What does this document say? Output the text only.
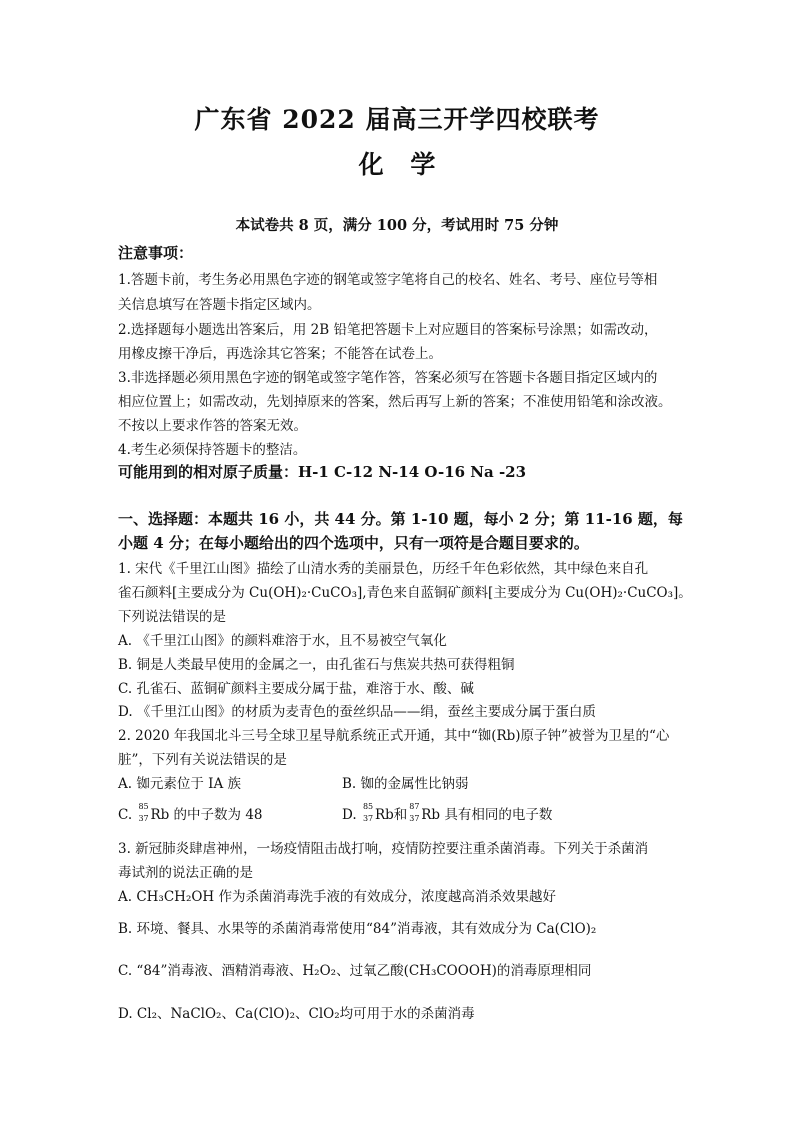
广东省 2022 届高三开学四校联考
化 学
本试卷共 8 页，满分 100 分，考试用时 75 分钟
注意事项：
1.答题卡前，考生务必用黑色字迹的钢笔或签字笔将自己的校名、姓名、考号、座位号等相
关信息填写在答题卡指定区域内。
2.选择题每小题选出答案后，用 2B 铅笔把答题卡上对应题目的答案标号涂黑；如需改动，
用橡皮擦干净后，再选涂其它答案；不能答在试卷上。
3.非选择题必须用黑色字迹的钢笔或签字笔作答，答案必须写在答题卡各题目指定区域内的
相应位置上；如需改动，先划掉原来的答案，然后再写上新的答案；不准使用铅笔和涂改液。
不按以上要求作答的答案无效。
4.考生必须保持答题卡的整洁。
可能用到的相对原子质量：H-1 C-12 N-14 O-16 Na -23
一、选择题：本题共 16 小，共 44 分。第 1-10 题，每小 2 分；第 11-16 题，每
小题 4 分；在每小题给出的四个选项中，只有一项符是合题目要求的。
1. 宋代《千里江山图》描绘了山清水秀的美丽景色，历经千年色彩依然，其中绿色来自孔
雀石颜料[主要成分为 Cu(OH)₂·CuCO₃],青色来自蓝铜矿颜料[主要成分为 Cu(OH)₂·CuCO₃]。
下列说法错误的是
A. 《千里江山图》的颜料难溶于水，且不易被空气氧化
B. 铜是人类最早使用的金属之一，由孔雀石与焦炭共热可获得粗铜
C. 孔雀石、蓝铜矿颜料主要成分属于盐，难溶于水、酸、碱
D. 《千里江山图》的材质为麦青色的蚕丝织品——绢，蚕丝主要成分属于蛋白质
2. 2020 年我国北斗三号全球卫星导航系统正式开通，其中“铷(Rb)原子钟”被誉为卫星的“心
脏”，下列有关说法错误的是
A. 铷元素位于 IA 族	B. 铷的金属性比钠弱
C.
85
37 Rb 的中子数为 48	D.
85
37 Rb和
87
37 Rb 具有相同的电子数
3. 新冠肺炎肆虐神州，一场疫情阻击战打响，疫情防控要注重杀菌消毒。下列关于杀菌消
毒试剂的说法正确的是
A. CH₃CH₂OH 作为杀菌消毒洗手液的有效成分，浓度越高消杀效果越好
B. 环境、餐具、水果等的杀菌消毒常使用“84”消毒液，其有效成分为 Ca(ClO)₂
C. “84”消毒液、酒精消毒液、H₂O₂、过氧乙酸(CH₃COOOH)的消毒原理相同
D. Cl₂、NaClO₂、Ca(ClO)₂、ClO₂均可用于水的杀菌消毒
